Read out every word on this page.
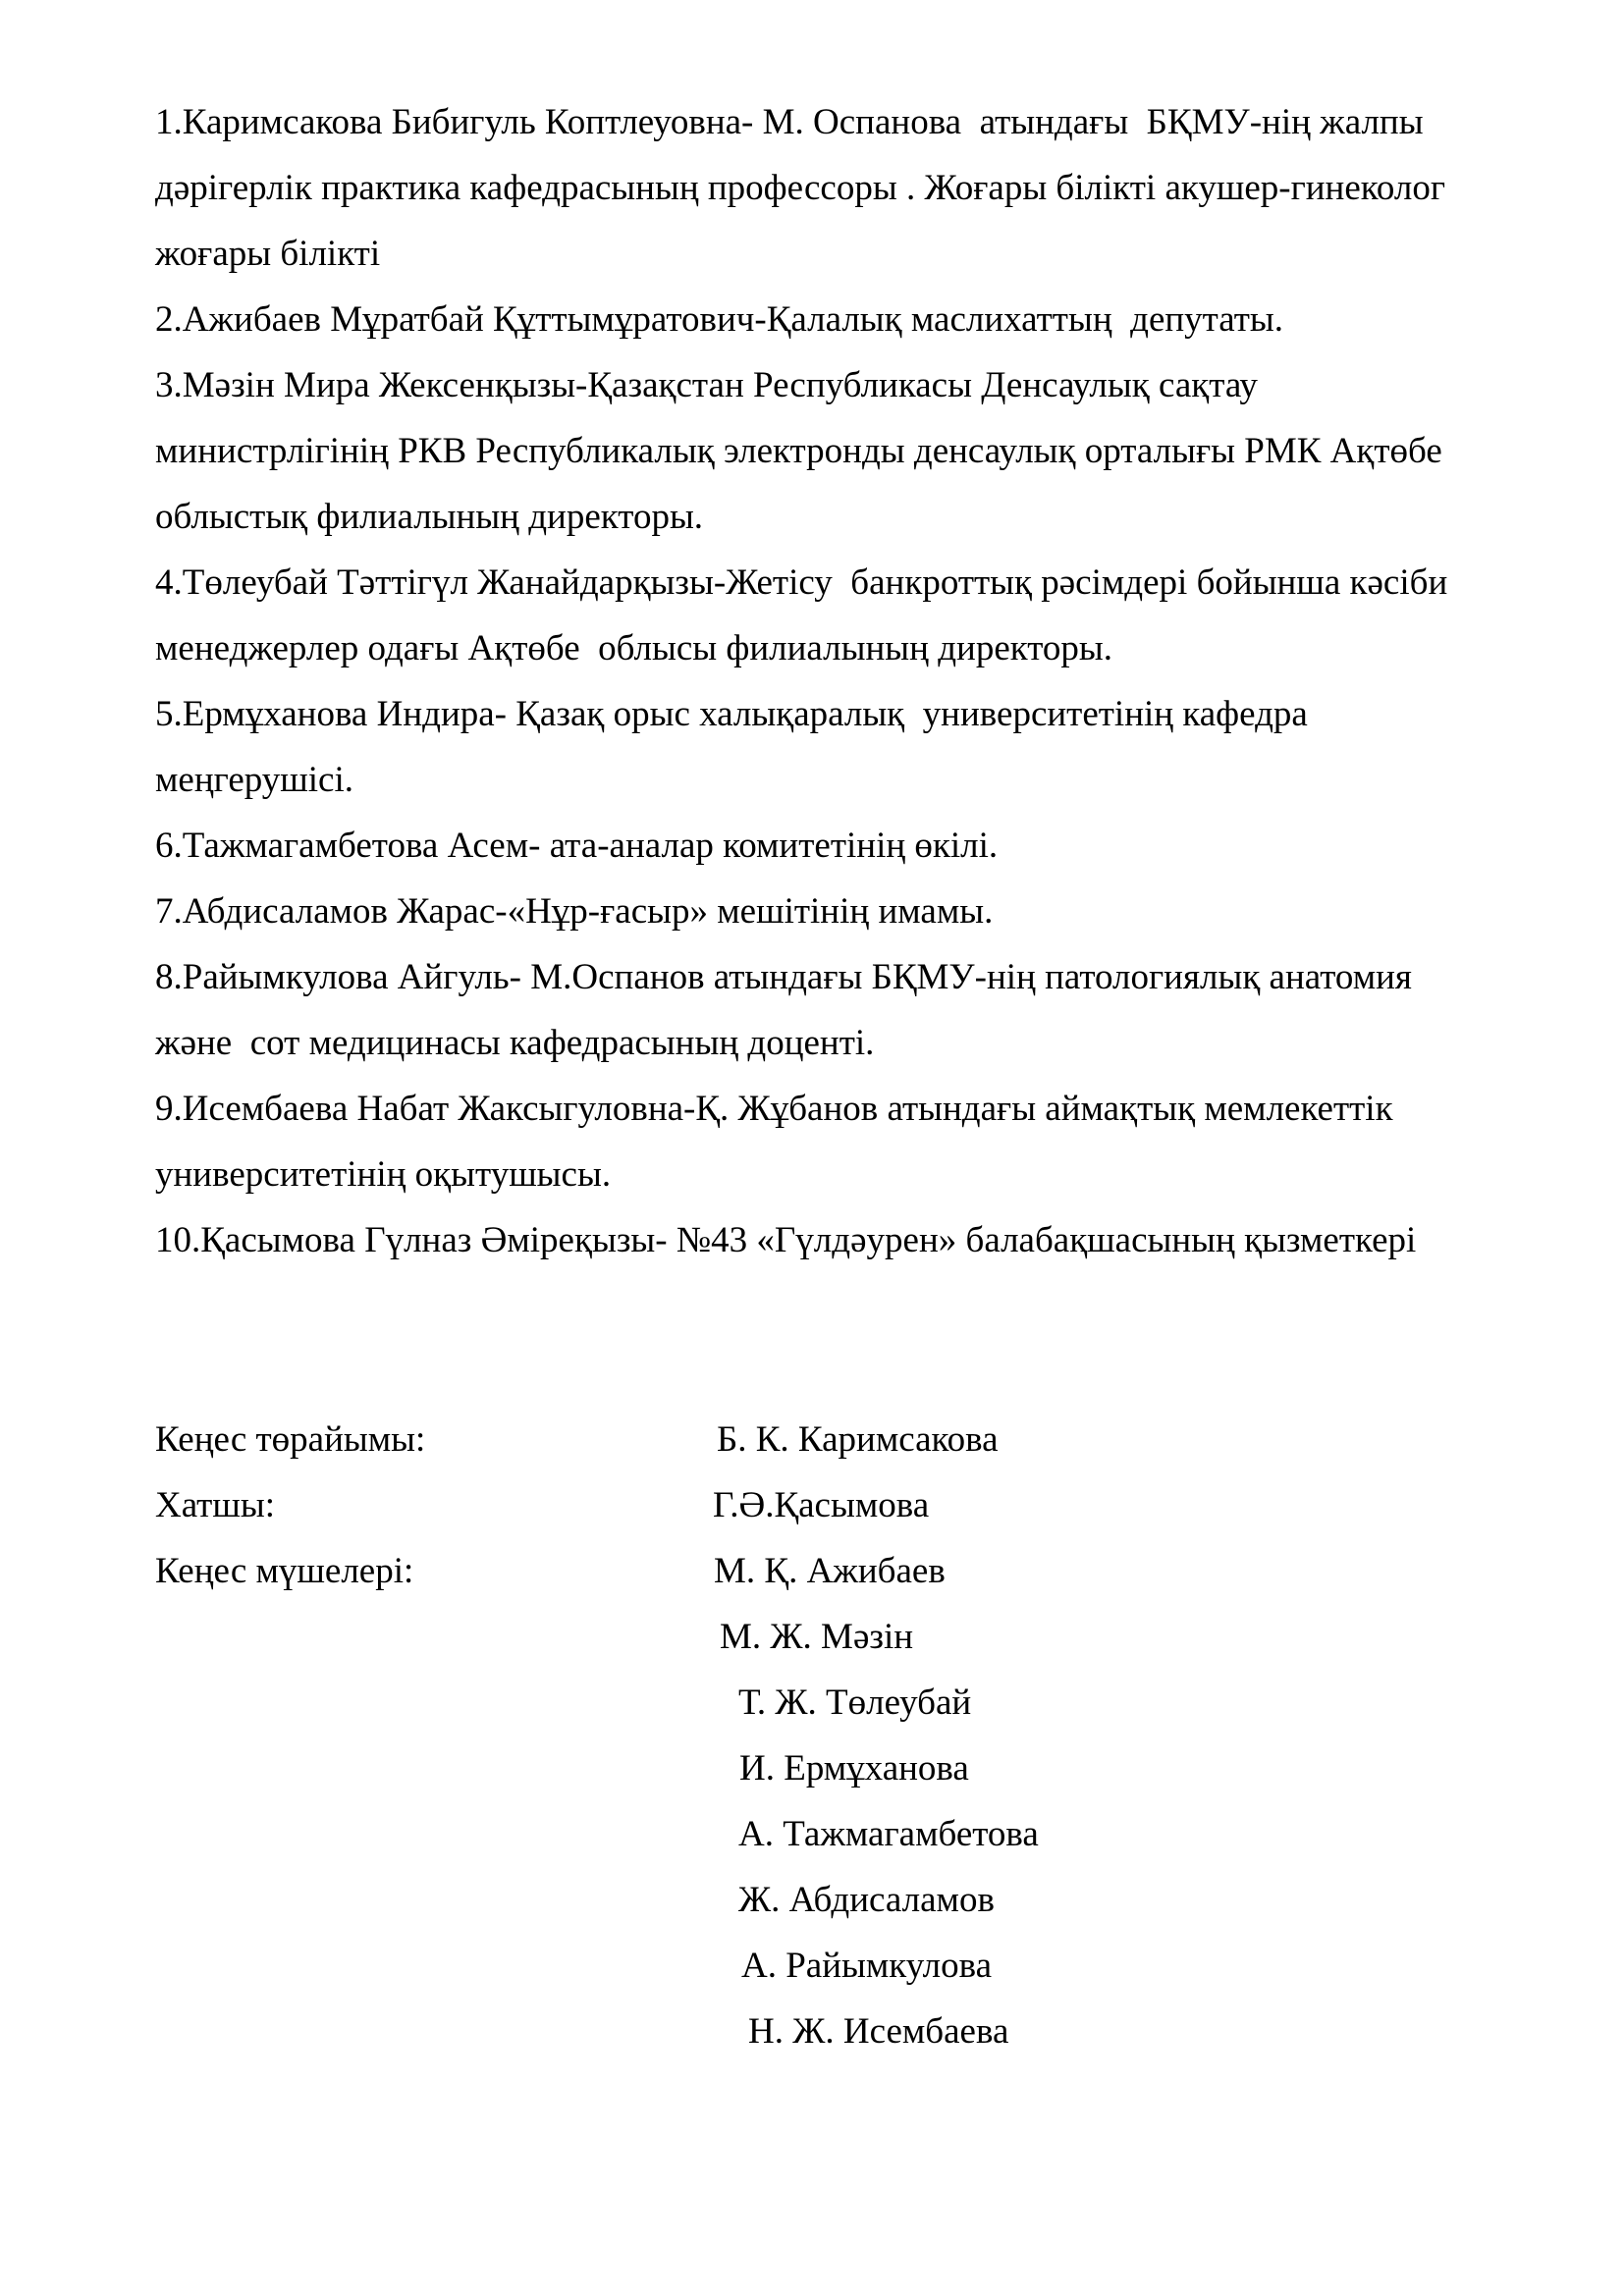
1.Каримсакова Бибигуль Коптлеуовна- М. Оспанова  атындағы  БҚМУ-нің жалпы
дәрігерлік практика кафедрасының профессоры . Жоғары білікті акушер-гинеколог
жоғары білікті
2.Ажибаев Мұратбай Құттымұратович-Қалалық маслихаттың  депутаты.
3.Мәзін Мира Жексенқызы-Қазақстан Республикасы Денсаулық сақтау
министрлігінің РКВ Республикалық электронды денсаулық орталығы РМК Ақтөбе
облыстық филиалының директоры.
4.Төлеубай Тәттігүл Жанайдарқызы-Жетісу  банкроттық рәсімдері бойынша кәсіби
менеджерлер одағы Ақтөбе  облысы филиалының директоры.
5.Ермұханова Индира- Қазақ орыс халықаралық  университетінің кафедра
меңгерушісі.
6.Тажмагамбетова Асем- ата-аналар комитетінің өкілі.
7.Абдисаламов Жарас-«Нұр-ғасыр» мешітінің имамы.
8.Райымкулова Айгуль- М.Оспанов атындағы БҚМУ-нің патологиялық анатомия
және  сот медицинасы кафедрасының доценті.
9.Исембаева Набат Жаксыгуловна-Қ. Жұбанов атындағы аймақтық мемлекеттік
университетінің оқытушысы.
10.Қасымова Гүлназ Әмірeқызы- №43 «Гүлдәурен» балабақшасының қызметкері
Кеңес төрайымы:	Б. К. Каримсакова
Хатшы:	Г.Ә.Қасымова
Кеңес мүшелері:	М. Қ. Ажибаев
М. Ж. Мәзін
Т. Ж. Төлеубай
И. Ермұханова
А. Тажмагамбетова
Ж. Абдисаламов
А. Райымкулова
Н. Ж. Исембаева
